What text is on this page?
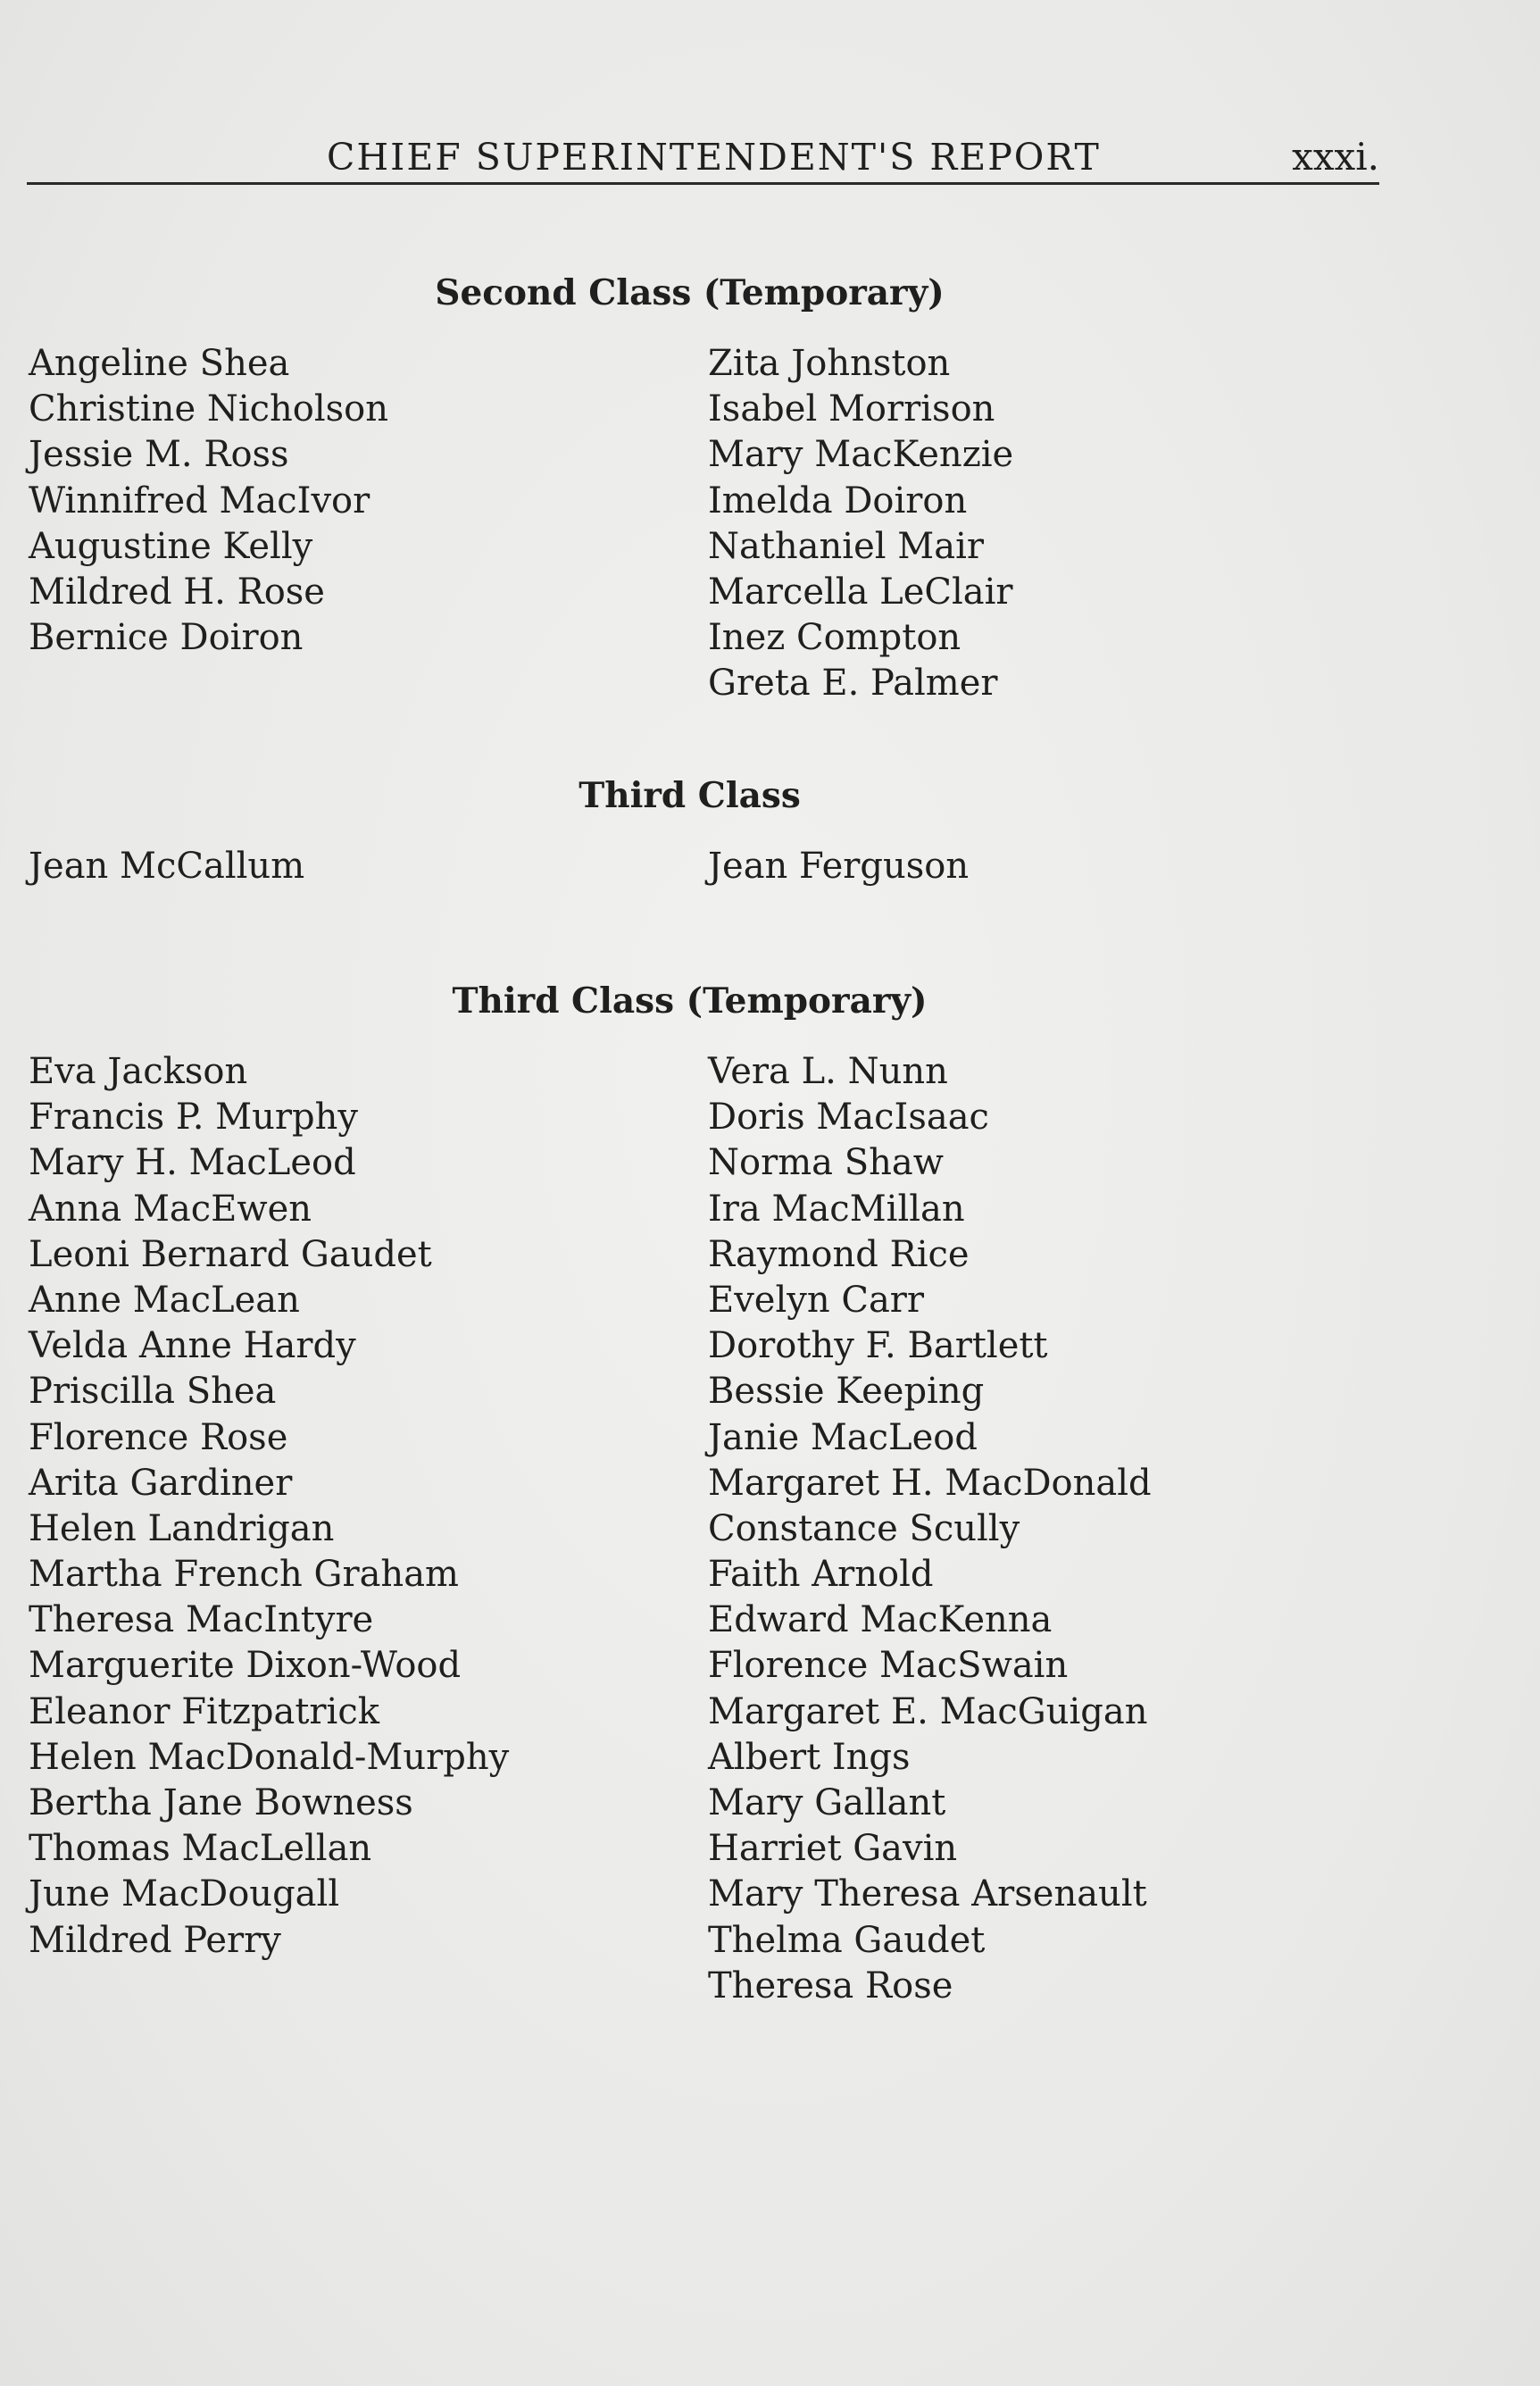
CHIEF SUPERINTENDENT'S REPORT	xxxi.
Second Class (Temporary)
Angeline Shea
Christine Nicholson
Jessie M. Ross
Winnifred MacIvor
Augustine Kelly
Mildred H. Rose
Bernice Doiron
Zita Johnston
Isabel Morrison
Mary MacKenzie
Imelda Doiron
Nathaniel Mair
Marcella LeClair
Inez Compton
Greta E. Palmer
Third Class
Jean McCallum	Jean Ferguson
Third Class (Temporary)
Eva Jackson
Francis P. Murphy
Mary H. MacLeod
Anna MacEwen
Leoni Bernard Gaudet
Anne MacLean
Velda Anne Hardy
Priscilla Shea
Florence Rose
Arita Gardiner
Helen Landrigan
Martha French Graham
Theresa MacIntyre
Marguerite Dixon-Wood
Eleanor Fitzpatrick
Helen MacDonald-Murphy
Bertha Jane Bowness
Thomas MacLellan
June MacDougall
Mildred Perry
Vera L. Nunn
Doris MacIsaac
Norma Shaw
Ira MacMillan
Raymond Rice
Evelyn Carr
Dorothy F. Bartlett
Bessie Keeping
Janie MacLeod
Margaret H. MacDonald
Constance Scully
Faith Arnold
Edward MacKenna
Florence MacSwain
Margaret E. MacGuigan
Albert Ings
Mary Gallant
Harriet Gavin
Mary Theresa Arsenault
Thelma Gaudet
Theresa Rose
